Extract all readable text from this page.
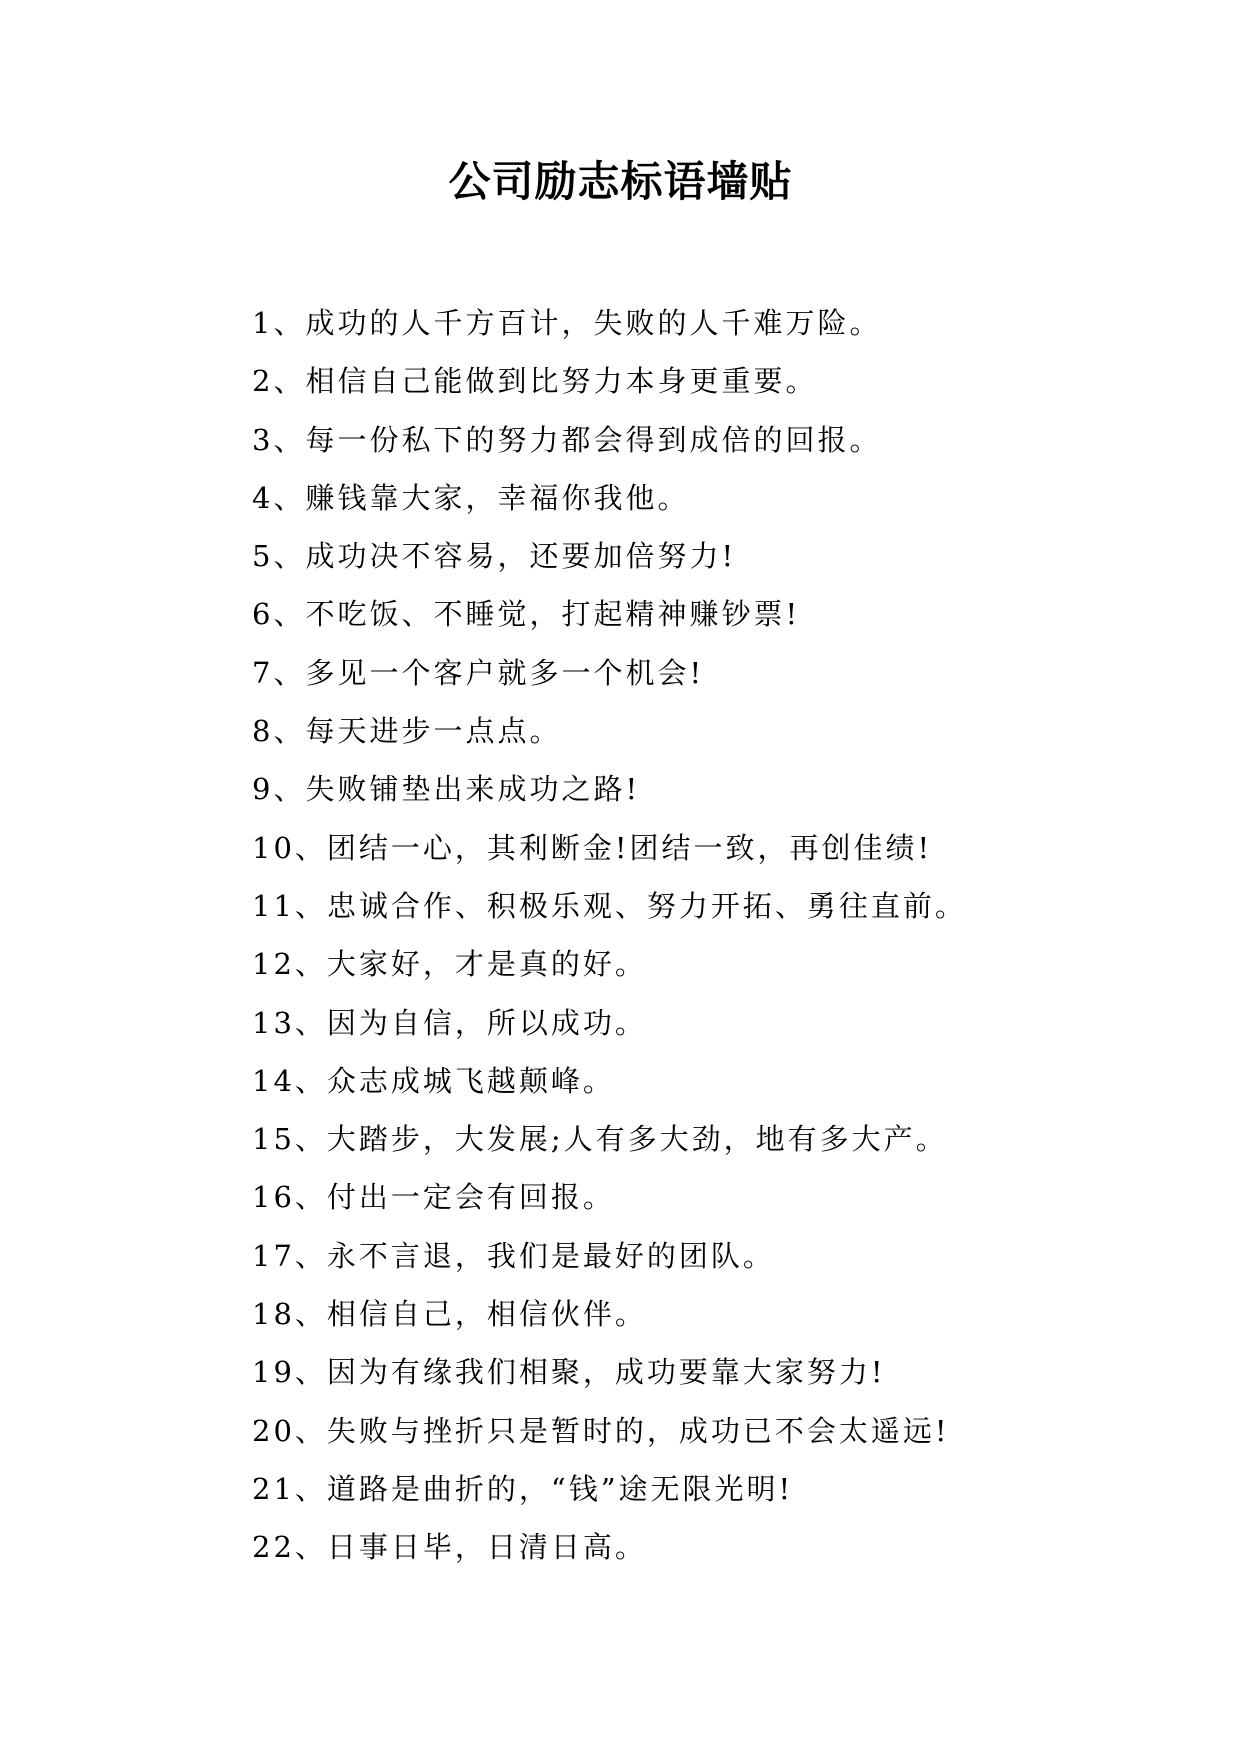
公司励志标语墙贴
1、成功的人千方百计，失败的人千难万险。
2、相信自己能做到比努力本身更重要。
3、每一份私下的努力都会得到成倍的回报。
4、赚钱靠大家，幸福你我他。
5、成功决不容易，还要加倍努力!
6、不吃饭、不睡觉，打起精神赚钞票!
7、多见一个客户就多一个机会!
8、每天进步一点点。
9、失败铺垫出来成功之路!
10、团结一心，其利断金!团结一致，再创佳绩!
11、忠诚合作、积极乐观、努力开拓、勇往直前。
12、大家好，才是真的好。
13、因为自信，所以成功。
14、众志成城飞越颠峰。
15、大踏步，大发展;人有多大劲，地有多大产。
16、付出一定会有回报。
17、永不言退，我们是最好的团队。
18、相信自己，相信伙伴。
19、因为有缘我们相聚，成功要靠大家努力!
20、失败与挫折只是暂时的，成功已不会太遥远!
21、道路是曲折的，“钱”途无限光明!
22、日事日毕，日清日高。
